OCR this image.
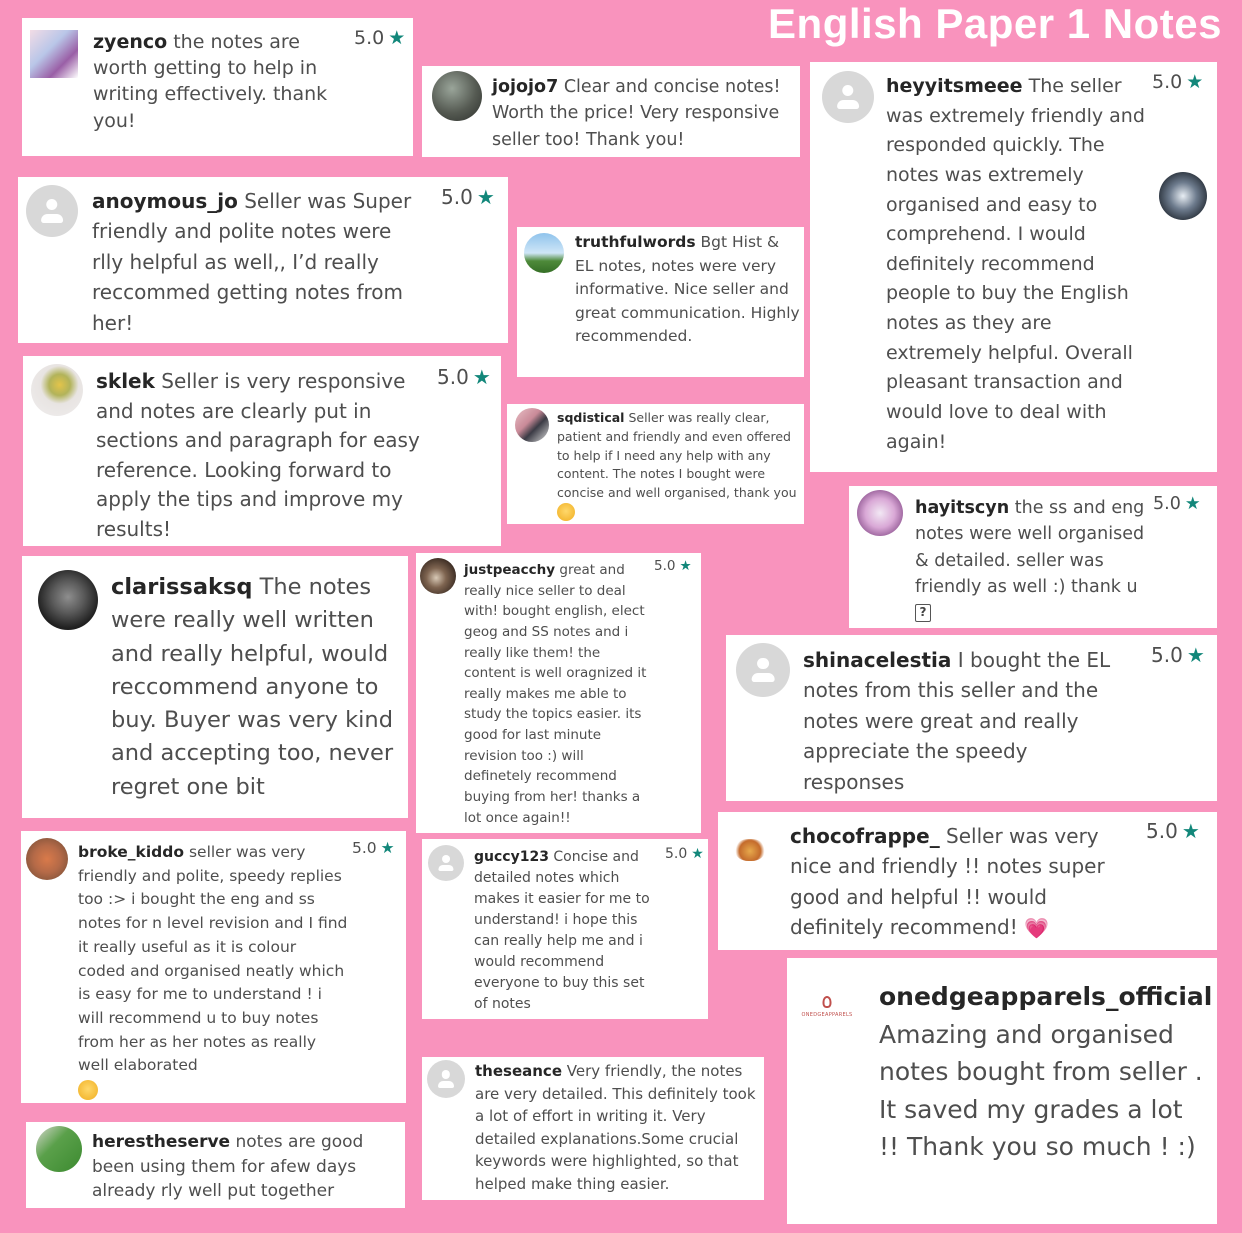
English Paper 1 Notes
zyenco the notes are worth getting to help in writing effectively. thank you!
5.0 ★
jojojo7 Clear and concise notes! Worth the price! Very responsive seller too! Thank you!
heyyitsmeee The seller was extremely friendly and responded quickly. The notes was extremely organised and easy to comprehend. I would definitely recommend people to buy the English notes as they are extremely helpful. Overall pleasant transaction and would love to deal with again!
5.0 ★
anoymous_jo Seller was Super friendly and polite notes were rlly helpful as well,, I’d really reccommed getting notes from her!
5.0 ★
truthfulwords Bgt Hist & EL notes, notes were very informative. Nice seller and great communication. Highly recommended.
sklek Seller is very responsive and notes are clearly put in sections and paragraph for easy reference. Looking forward to apply the tips and improve my results!
5.0 ★
sqdistical Seller was really clear, patient and friendly and even offered to help if I need any help with any content. The notes I bought were concise and well organised, thank you
hayitscyn the ss and eng notes were well organised & detailed. seller was friendly as well :) thank u ?
5.0 ★
clarissaksq The notes were really well written and really helpful, would reccommend anyone to buy. Buyer was very kind and accepting too, never regret one bit
justpeacchy great and really nice seller to deal with! bought english, elect geog and SS notes and i really like them! the content is well oragnized it really makes me able to study the topics easier. its good for last minute revision too :) will definetely recommend buying from her! thanks a lot once again!!
5.0 ★
shinacelestia I bought the EL notes from this seller and the notes were great and really appreciate the speedy responses
5.0 ★
broke_kiddo seller was very friendly and polite, speedy replies too :> i bought the eng and ss notes for n level revision and I find it really useful as it is colour coded and organised neatly which is easy for me to understand ! i will recommend u to buy notes from her as her notes as really well elaborated

5.0 ★	guccy123 Concise and detailed notes which makes it easier for me to understand! i hope this can really help me and i would recommend everyone to buy this set of notes
5.0 ★
chocofrappe_ Seller was very nice and friendly !! notes super good and helpful !! would definitely recommend! 💗
5.0 ★
theseance Very friendly, the notes are very detailed. This definitely took a lot of effort in writing it. Very detailed explanations.Some crucial keywords were highlighted, so that helped make thing easier.
herestheserve notes are good been using them for afew days already rly well put together
ONEDGEAPPARELS
onedgeapparels_official Amazing and organised notes bought from seller . It saved my grades a lot !! Thank you so much ! :)
